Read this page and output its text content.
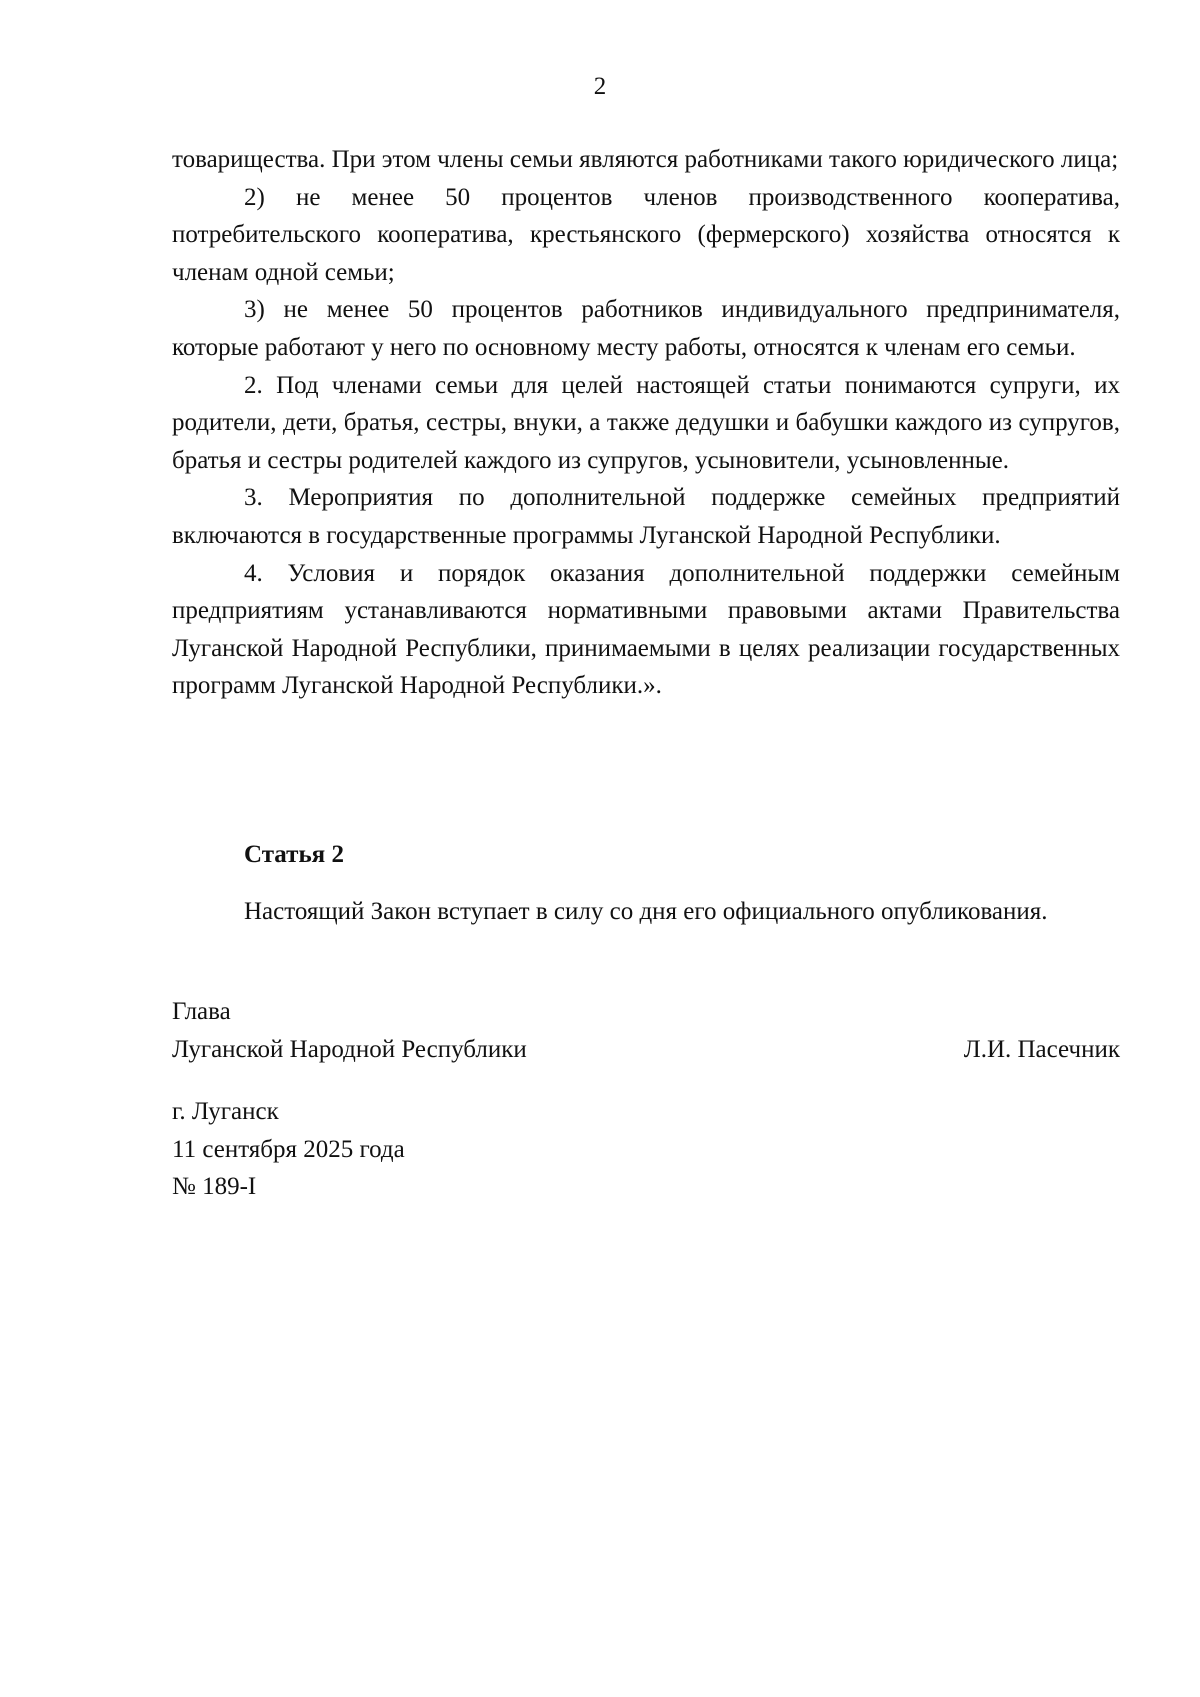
2

товарищества. При этом члены семьи являются работниками такого юридического лица;

2) не менее 50 процентов членов производственного кооператива, потребительского кооператива, крестьянского (фермерского) хозяйства относятся к членам одной семьи;

3) не менее 50 процентов работников индивидуального предпринимателя, которые работают у него по основному месту работы, относятся к членам его семьи.

2. Под членами семьи для целей настоящей статьи понимаются супруги, их родители, дети, братья, сестры, внуки, а также дедушки и бабушки каждого из супругов, братья и сестры родителей каждого из супругов, усыновители, усыновленные.

3. Мероприятия по дополнительной поддержке семейных предприятий включаются в государственные программы Луганской Народной Республики.

4. Условия и порядок оказания дополнительной поддержки семейным предприятиям устанавливаются нормативными правовыми актами Правительства Луганской Народной Республики, принимаемыми в целях реализации государственных программ Луганской Народной Республики.».

Статья 2

Настоящий Закон вступает в силу со дня его официального опубликования.

Глава
Луганской Народной Республики	Л.И. Пасечник
г. Луганск
11 сентября 2025 года
№ 189-I
